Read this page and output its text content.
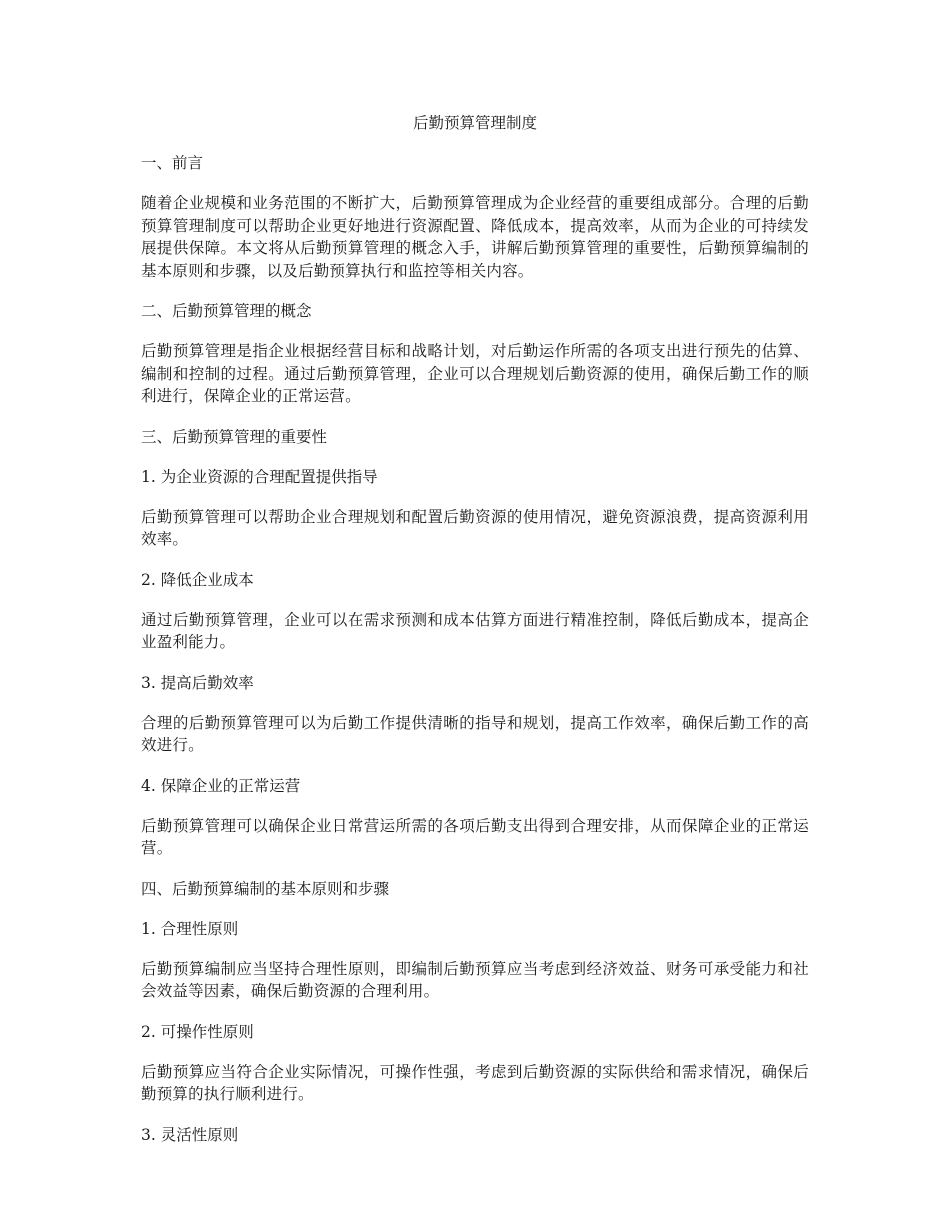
后勤预算管理制度
一、前言
随着企业规模和业务范围的不断扩大，后勤预算管理成为企业经营的重要组成部分。合理的后勤预算管理制度可以帮助企业更好地进行资源配置、降低成本，提高效率，从而为企业的可持续发展提供保障。本文将从后勤预算管理的概念入手，讲解后勤预算管理的重要性，后勤预算编制的基本原则和步骤，以及后勤预算执行和监控等相关内容。
二、后勤预算管理的概念
后勤预算管理是指企业根据经营目标和战略计划，对后勤运作所需的各项支出进行预先的估算、编制和控制的过程。通过后勤预算管理，企业可以合理规划后勤资源的使用，确保后勤工作的顺利进行，保障企业的正常运营。
三、后勤预算管理的重要性
1. 为企业资源的合理配置提供指导
后勤预算管理可以帮助企业合理规划和配置后勤资源的使用情况，避免资源浪费，提高资源利用效率。
2. 降低企业成本
通过后勤预算管理，企业可以在需求预测和成本估算方面进行精准控制，降低后勤成本，提高企业盈利能力。
3. 提高后勤效率
合理的后勤预算管理可以为后勤工作提供清晰的指导和规划，提高工作效率，确保后勤工作的高效进行。
4. 保障企业的正常运营
后勤预算管理可以确保企业日常营运所需的各项后勤支出得到合理安排，从而保障企业的正常运营。
四、后勤预算编制的基本原则和步骤
1. 合理性原则
后勤预算编制应当坚持合理性原则，即编制后勤预算应当考虑到经济效益、财务可承受能力和社会效益等因素，确保后勤资源的合理利用。
2. 可操作性原则
后勤预算应当符合企业实际情况，可操作性强，考虑到后勤资源的实际供给和需求情况，确保后勤预算的执行顺利进行。
3. 灵活性原则
